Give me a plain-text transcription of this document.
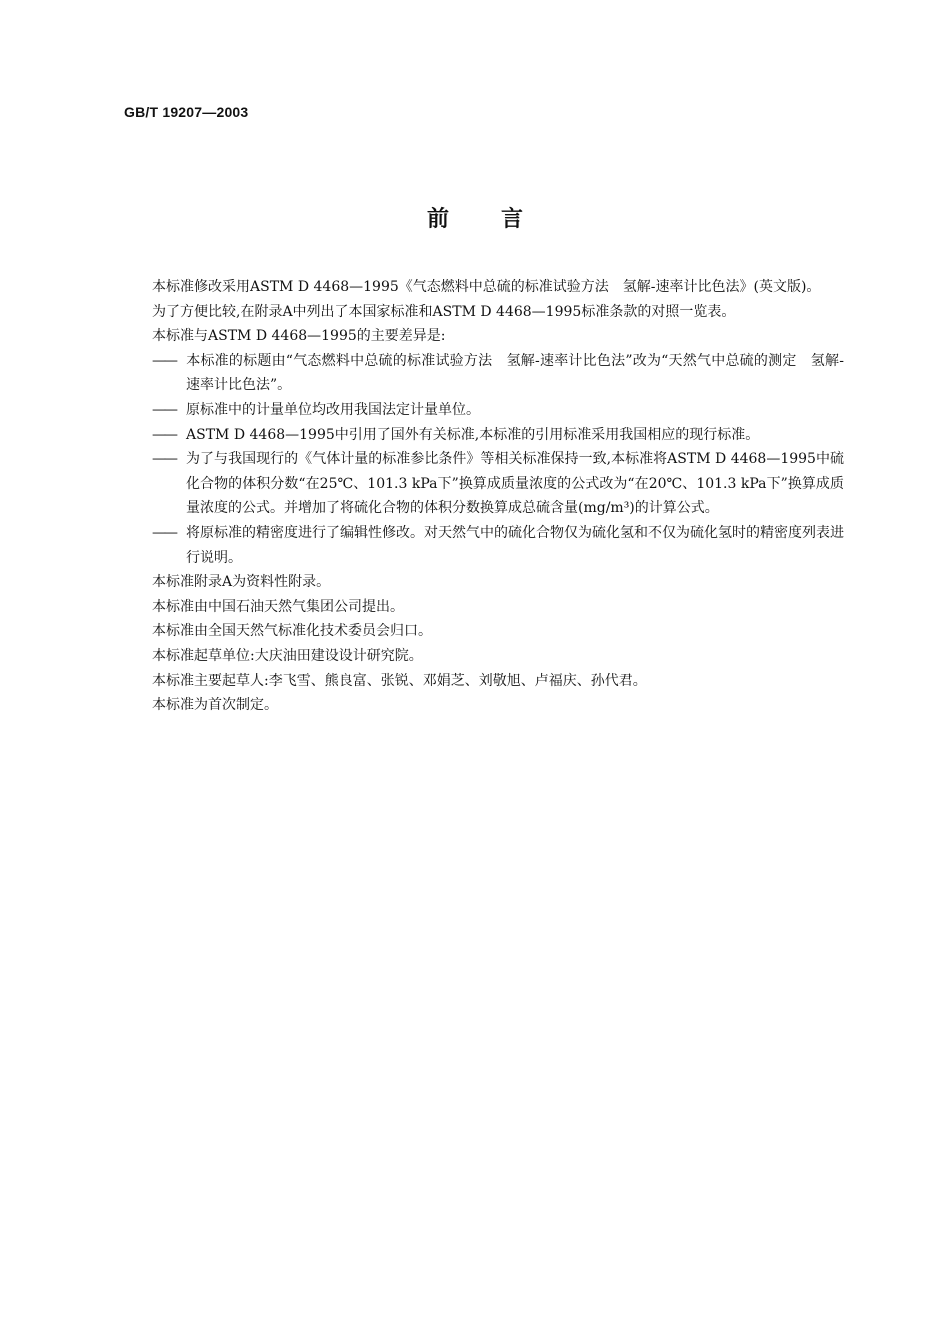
GB/T 19207—2003
前 言

本标准修改采用ASTM D 4468—1995《气态燃料中总硫的标准试验方法　氢解-速率计比色法》(英文版)。

为了方便比较,在附录A中列出了本国家标准和ASTM D 4468—1995标准条款的对照一览表。

本标准与ASTM D 4468—1995的主要差异是:

—— 本标准的标题由“气态燃料中总硫的标准试验方法　氢解-速率计比色法”改为“天然气中总硫的测定　氢解-速率计比色法”。

—— 原标准中的计量单位均改用我国法定计量单位。

—— ASTM D 4468—1995中引用了国外有关标准,本标准的引用标准采用我国相应的现行标准。

—— 为了与我国现行的《气体计量的标准参比条件》等相关标准保持一致,本标准将ASTM D 4468—1995中硫化合物的体积分数“在25℃、101.3 kPa下”换算成质量浓度的公式改为“在20℃、101.3 kPa下”换算成质量浓度的公式。并增加了将硫化合物的体积分数换算成总硫含量(mg/m³)的计算公式。

—— 将原标准的精密度进行了编辑性修改。对天然气中的硫化合物仅为硫化氢和不仅为硫化氢时的精密度列表进行说明。

本标准附录A为资料性附录。

本标准由中国石油天然气集团公司提出。

本标准由全国天然气标准化技术委员会归口。

本标准起草单位:大庆油田建设设计研究院。

本标准主要起草人:李飞雪、熊良富、张锐、邓娟芝、刘敬旭、卢福庆、孙代君。

本标准为首次制定。
